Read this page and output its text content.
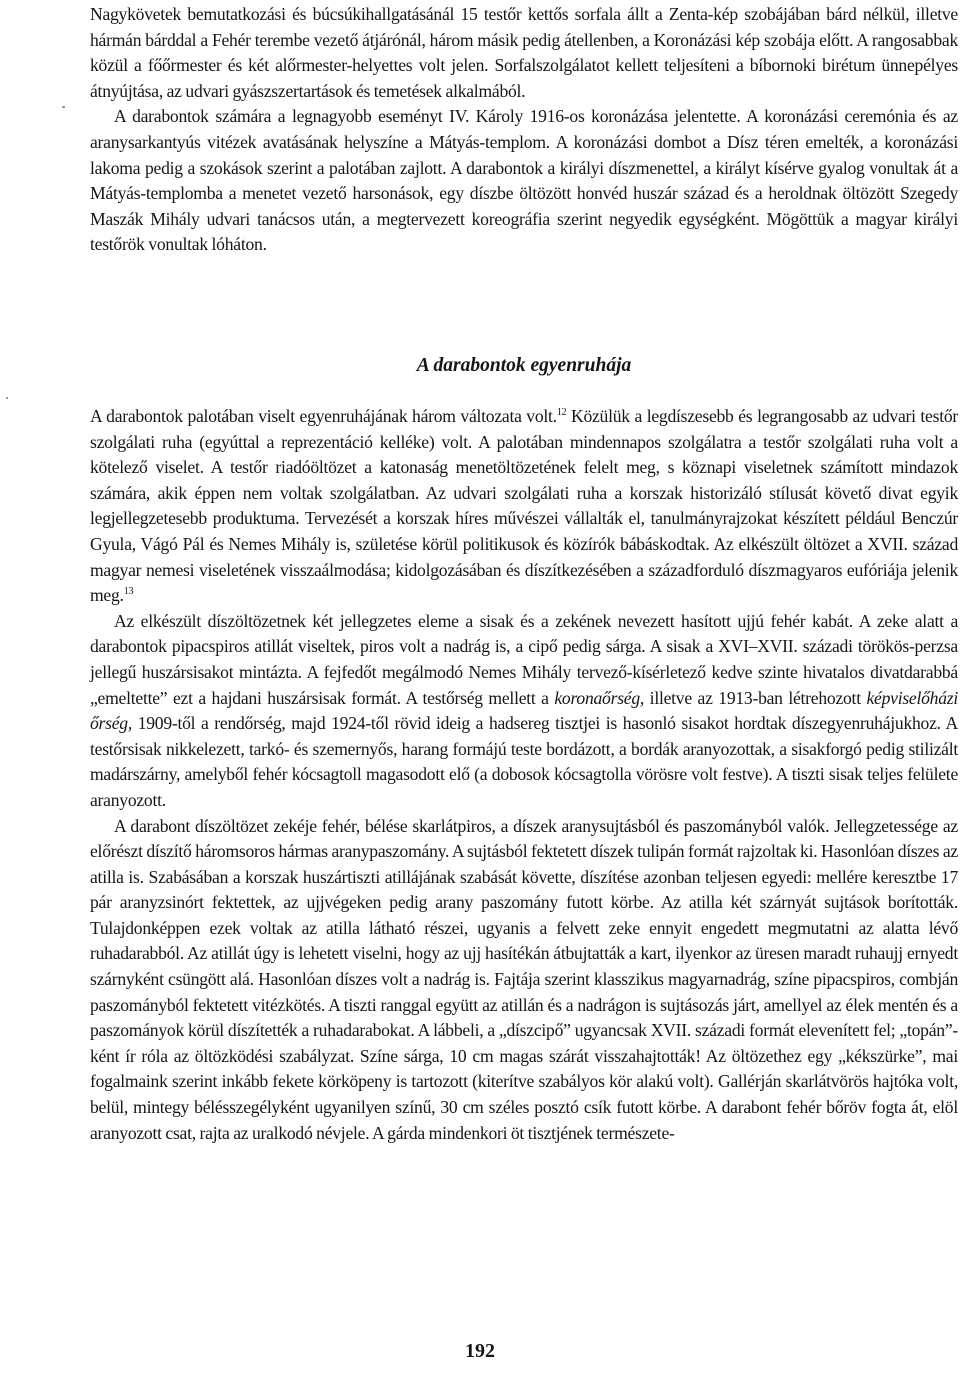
Nagykövetek bemutatkozási és búcsúkihallgatásánál 15 testőr kettős sorfala állt a Zenta-kép szobájában bárd nélkül, illetve hármán bárddal a Fehér terembe vezető átjárónál, három másik pedig átellenben, a Koronázási kép szobája előtt. A rangosabbak közül a főőrmester és két alőrmester-helyettes volt jelen. Sorfalszolgálatot kellett teljesíteni a bíbornoki birétum ünnepélyes átnyújtása, az udvari gyászszertartások és temetések alkalmából.

A darabontok számára a legnagyobb eseményt IV. Károly 1916-os koronázása jelentette. A koronázási ceremónia és az aranysarkantyús vitézek avatásának helyszíne a Mátyás-templom. A koronázási dombot a Dísz téren emelték, a koronázási lakoma pedig a szokások szerint a palotában zajlott. A darabontok a királyi díszmenettel, a királyt kísérve gyalog vonultak át a Mátyás-templomba a menetet vezető harsonások, egy díszbe öltözött honvéd huszár század és a heroldnak öltözött Szegedy Maszák Mihály udvari tanácsos után, a megtervezett koreográfia szerint negyedik egységként. Mögöttük a magyar királyi testőrök vonultak lóháton.

A darabontok egyenruhája

A darabontok palotában viselt egyenruhájának három változata volt.$^{12}$ Közülük a legdíszesebb és legrangosabb az udvari testőr szolgálati ruha (egyúttal a reprezentáció kelléke) volt. A palotában mindennapos szolgálatra a testőr szolgálati ruha volt a kötelező viselet. A testőr riadóöltözet a katonaság menetöltözetének felelt meg, s köznapi viseletnek számított mindazok számára, akik éppen nem voltak szolgálatban. Az udvari szolgálati ruha a korszak historizáló stílusát követő divat egyik legjellegzetesebb produktuma. Tervezését a korszak híres művészei vállalták el, tanulmányrajzokat készített például Benczúr Gyula, Vágó Pál és Nemes Mihály is, születése körül politikusok és közírók bábáskodtak. Az elkészült öltözet a XVII. század magyar nemesi viseletének visszaálmodása; kidolgozásában és díszítkezésében a századforduló díszmagyaros eufóriája jelenik meg.$^{13}$

Az elkészült díszöltözetnek két jellegzetes eleme a sisak és a zekének nevezett hasított ujjú fehér kabát. A zeke alatt a darabontok pipacspiros atillát viseltek, piros volt a nadrág is, a cipő pedig sárga. A sisak a XVI–XVII. századi törökös-perzsa jellegű huszársisakot mintázta. A fejfedőt megálmodó Nemes Mihály tervező-kísérletező kedve szinte hivatalos divatdarabbá „emeltette” ezt a hajdani huszársisak formát. A testőrség mellett a koronaőrség, illetve az 1913-ban létrehozott képviselőházi őrség, 1909-től a rendőrség, majd 1924-től rövid ideig a hadsereg tisztjei is hasonló sisakot hordtak díszegyenruhájukhoz. A testőrsisak nikkelezett, tarkó- és szemernyős, harang formájú teste bordázott, a bordák aranyozottak, a sisakforgó pedig stilizált madárszárny, amelyből fehér kócsagtoll magasodott elő (a dobosok kócsagtolla vörösre volt festve). A tiszti sisak teljes felülete aranyozott.

A darabont díszöltözet zekéje fehér, bélése skarlátpiros, a díszek aranysujtásból és paszományból valók. Jellegzetessége az előrészt díszítő háromsoros hármas aranypaszomány. A sujtásból fektetett díszek tulipán formát rajzoltak ki. Hasonlóan díszes az atilla is. Szabásában a korszak huszártiszti atillájának szabását követte, díszítése azonban teljesen egyedi: mellére keresztbe 17 pár aranyzsinórt fektettek, az ujjvégeken pedig arany paszomány futott körbe. Az atilla két szárnyát sujtások borították. Tulajdonképpen ezek voltak az atilla látható részei, ugyanis a felvett zeke ennyit engedett megmutatni az alatta lévő ruhadarabból. Az atillát úgy is lehetett viselni, hogy az ujj hasítékán átbujtatták a kart, ilyenkor az üresen maradt ruhaujj ernyedt szárnyként csüngött alá. Hasonlóan díszes volt a nadrág is. Fajtája szerint klasszikus magyarnadrág, színe pipacspiros, combján paszományból fektetett vitézkötés. A tiszti ranggal együtt az atillán és a nadrágon is sujtásozás járt, amellyel az élek mentén és a paszományok körül díszítették a ruhadarabokat. A lábbeli, a „díszcipő” ugyancsak XVII. századi formát elevenített fel; „topán”-ként ír róla az öltözködési szabályzat. Színe sárga, 10 cm magas szárát visszahajtották! Az öltözethez egy „kékszürke”, mai fogalmaink szerint inkább fekete körköpeny is tartozott (kiterítve szabályos kör alakú volt). Gallérján skarlátvörös hajtóka volt, belül, mintegy bélésszegélyként ugyanilyen színű, 30 cm széles posztó csík futott körbe. A darabont fehér bőröv fogta át, elöl aranyozott csat, rajta az uralkodó névjele. A gárda mindenkori öt tisztjének természete-

192
